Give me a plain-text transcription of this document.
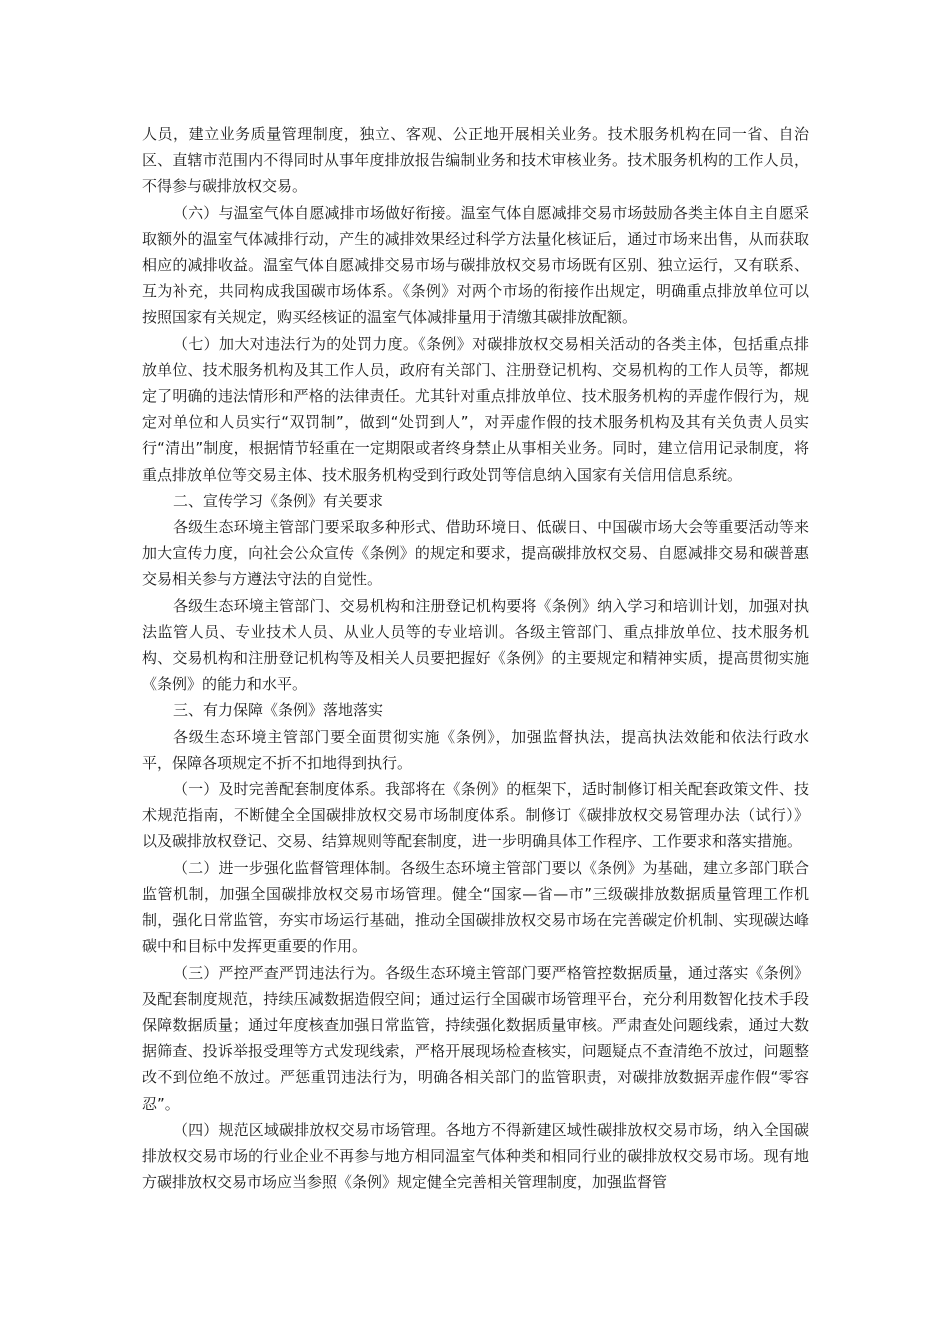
人员，建立业务质量管理制度，独立、客观、公正地开展相关业务。技术服务机构在同一省、自治区、直辖市范围内不得同时从事年度排放报告编制业务和技术审核业务。技术服务机构的工作人员，不得参与碳排放权交易。

（六）与温室气体自愿减排市场做好衔接。温室气体自愿减排交易市场鼓励各类主体自主自愿采取额外的温室气体减排行动，产生的减排效果经过科学方法量化核证后，通过市场来出售，从而获取相应的减排收益。温室气体自愿减排交易市场与碳排放权交易市场既有区别、独立运行，又有联系、互为补充，共同构成我国碳市场体系。《条例》对两个市场的衔接作出规定，明确重点排放单位可以按照国家有关规定，购买经核证的温室气体减排量用于清缴其碳排放配额。

（七）加大对违法行为的处罚力度。《条例》对碳排放权交易相关活动的各类主体，包括重点排放单位、技术服务机构及其工作人员，政府有关部门、注册登记机构、交易机构的工作人员等，都规定了明确的违法情形和严格的法律责任。尤其针对重点排放单位、技术服务机构的弄虚作假行为，规定对单位和人员实行“双罚制”，做到“处罚到人”，对弄虚作假的技术服务机构及其有关负责人员实行“清出”制度，根据情节轻重在一定期限或者终身禁止从事相关业务。同时，建立信用记录制度，将重点排放单位等交易主体、技术服务机构受到行政处罚等信息纳入国家有关信用信息系统。

二、宣传学习《条例》有关要求

各级生态环境主管部门要采取多种形式、借助环境日、低碳日、中国碳市场大会等重要活动等来加大宣传力度，向社会公众宣传《条例》的规定和要求，提高碳排放权交易、自愿减排交易和碳普惠交易相关参与方遵法守法的自觉性。

各级生态环境主管部门、交易机构和注册登记机构要将《条例》纳入学习和培训计划，加强对执法监管人员、专业技术人员、从业人员等的专业培训。各级主管部门、重点排放单位、技术服务机构、交易机构和注册登记机构等及相关人员要把握好《条例》的主要规定和精神实质，提高贯彻实施《条例》的能力和水平。

三、有力保障《条例》落地落实

各级生态环境主管部门要全面贯彻实施《条例》，加强监督执法，提高执法效能和依法行政水平，保障各项规定不折不扣地得到执行。

（一）及时完善配套制度体系。我部将在《条例》的框架下，适时制修订相关配套政策文件、技术规范指南，不断健全全国碳排放权交易市场制度体系。制修订《碳排放权交易管理办法（试行）》以及碳排放权登记、交易、结算规则等配套制度，进一步明确具体工作程序、工作要求和落实措施。

（二）进一步强化监督管理体制。各级生态环境主管部门要以《条例》为基础，建立多部门联合监管机制，加强全国碳排放权交易市场管理。健全“国家—省—市”三级碳排放数据质量管理工作机制，强化日常监管，夯实市场运行基础，推动全国碳排放权交易市场在完善碳定价机制、实现碳达峰碳中和目标中发挥更重要的作用。

（三）严控严查严罚违法行为。各级生态环境主管部门要严格管控数据质量，通过落实《条例》及配套制度规范，持续压减数据造假空间；通过运行全国碳市场管理平台，充分利用数智化技术手段保障数据质量；通过年度核查加强日常监管，持续强化数据质量审核。严肃查处问题线索，通过大数据筛查、投诉举报受理等方式发现线索，严格开展现场检查核实，问题疑点不查清绝不放过，问题整改不到位绝不放过。严惩重罚违法行为，明确各相关部门的监管职责，对碳排放数据弄虚作假“零容忍”。

（四）规范区域碳排放权交易市场管理。各地方不得新建区域性碳排放权交易市场，纳入全国碳排放权交易市场的行业企业不再参与地方相同温室气体种类和相同行业的碳排放权交易市场。现有地方碳排放权交易市场应当参照《条例》规定健全完善相关管理制度，加强监督管
